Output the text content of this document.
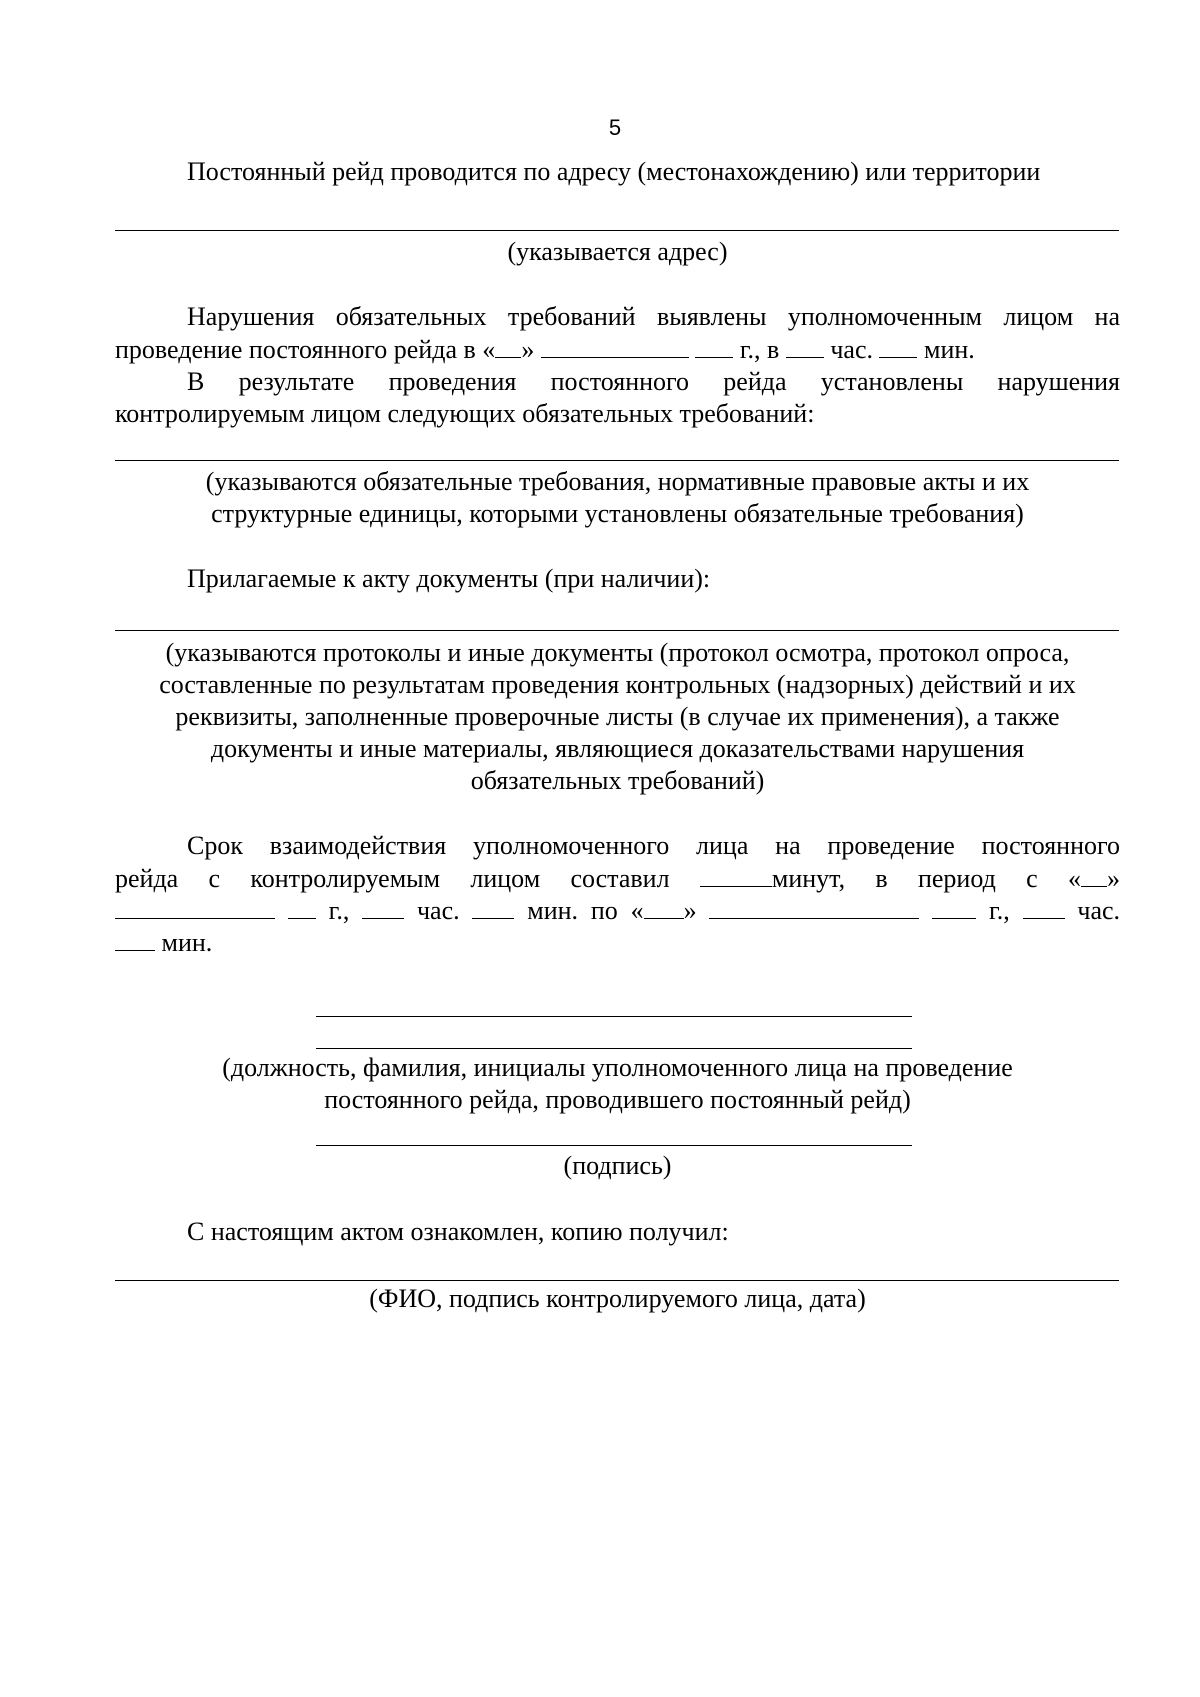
5
Постоянный рейд проводится по адресу (местонахождению) или территории
(указывается адрес)
Нарушения обязательных требований выявлены уполномоченным лицом на
проведение постоянного рейда в « »	г., в час. мин.
В результате проведения постоянного рейда установлены нарушения контролируемым лицом следующих обязательных требований:
(указываются обязательные требования, нормативные правовые акты и их
структурные единицы, которыми установлены обязательные требования)
Прилагаемые к акту документы (при наличии):
(указываются протоколы и иные документы (протокол осмотра, протокол опроса,
составленные по результатам проведения контрольных (надзорных) действий и их
реквизиты, заполненные проверочные листы (в случае их применения), а также
документы и иные материалы, являющиеся доказательствами нарушения
обязательных требований)
Срок взаимодействия уполномоченного лица на проведение постоянного
рейда с контролируемым лицом составил	минут, в период с « »
г.,	час.	мин. по « »	г.,	час.
мин.
(должность, фамилия, инициалы уполномоченного лица на проведение
постоянного рейда, проводившего постоянный рейд)
(подпись)
С настоящим актом ознакомлен, копию получил:
(ФИО, подпись контролируемого лица, дата)
